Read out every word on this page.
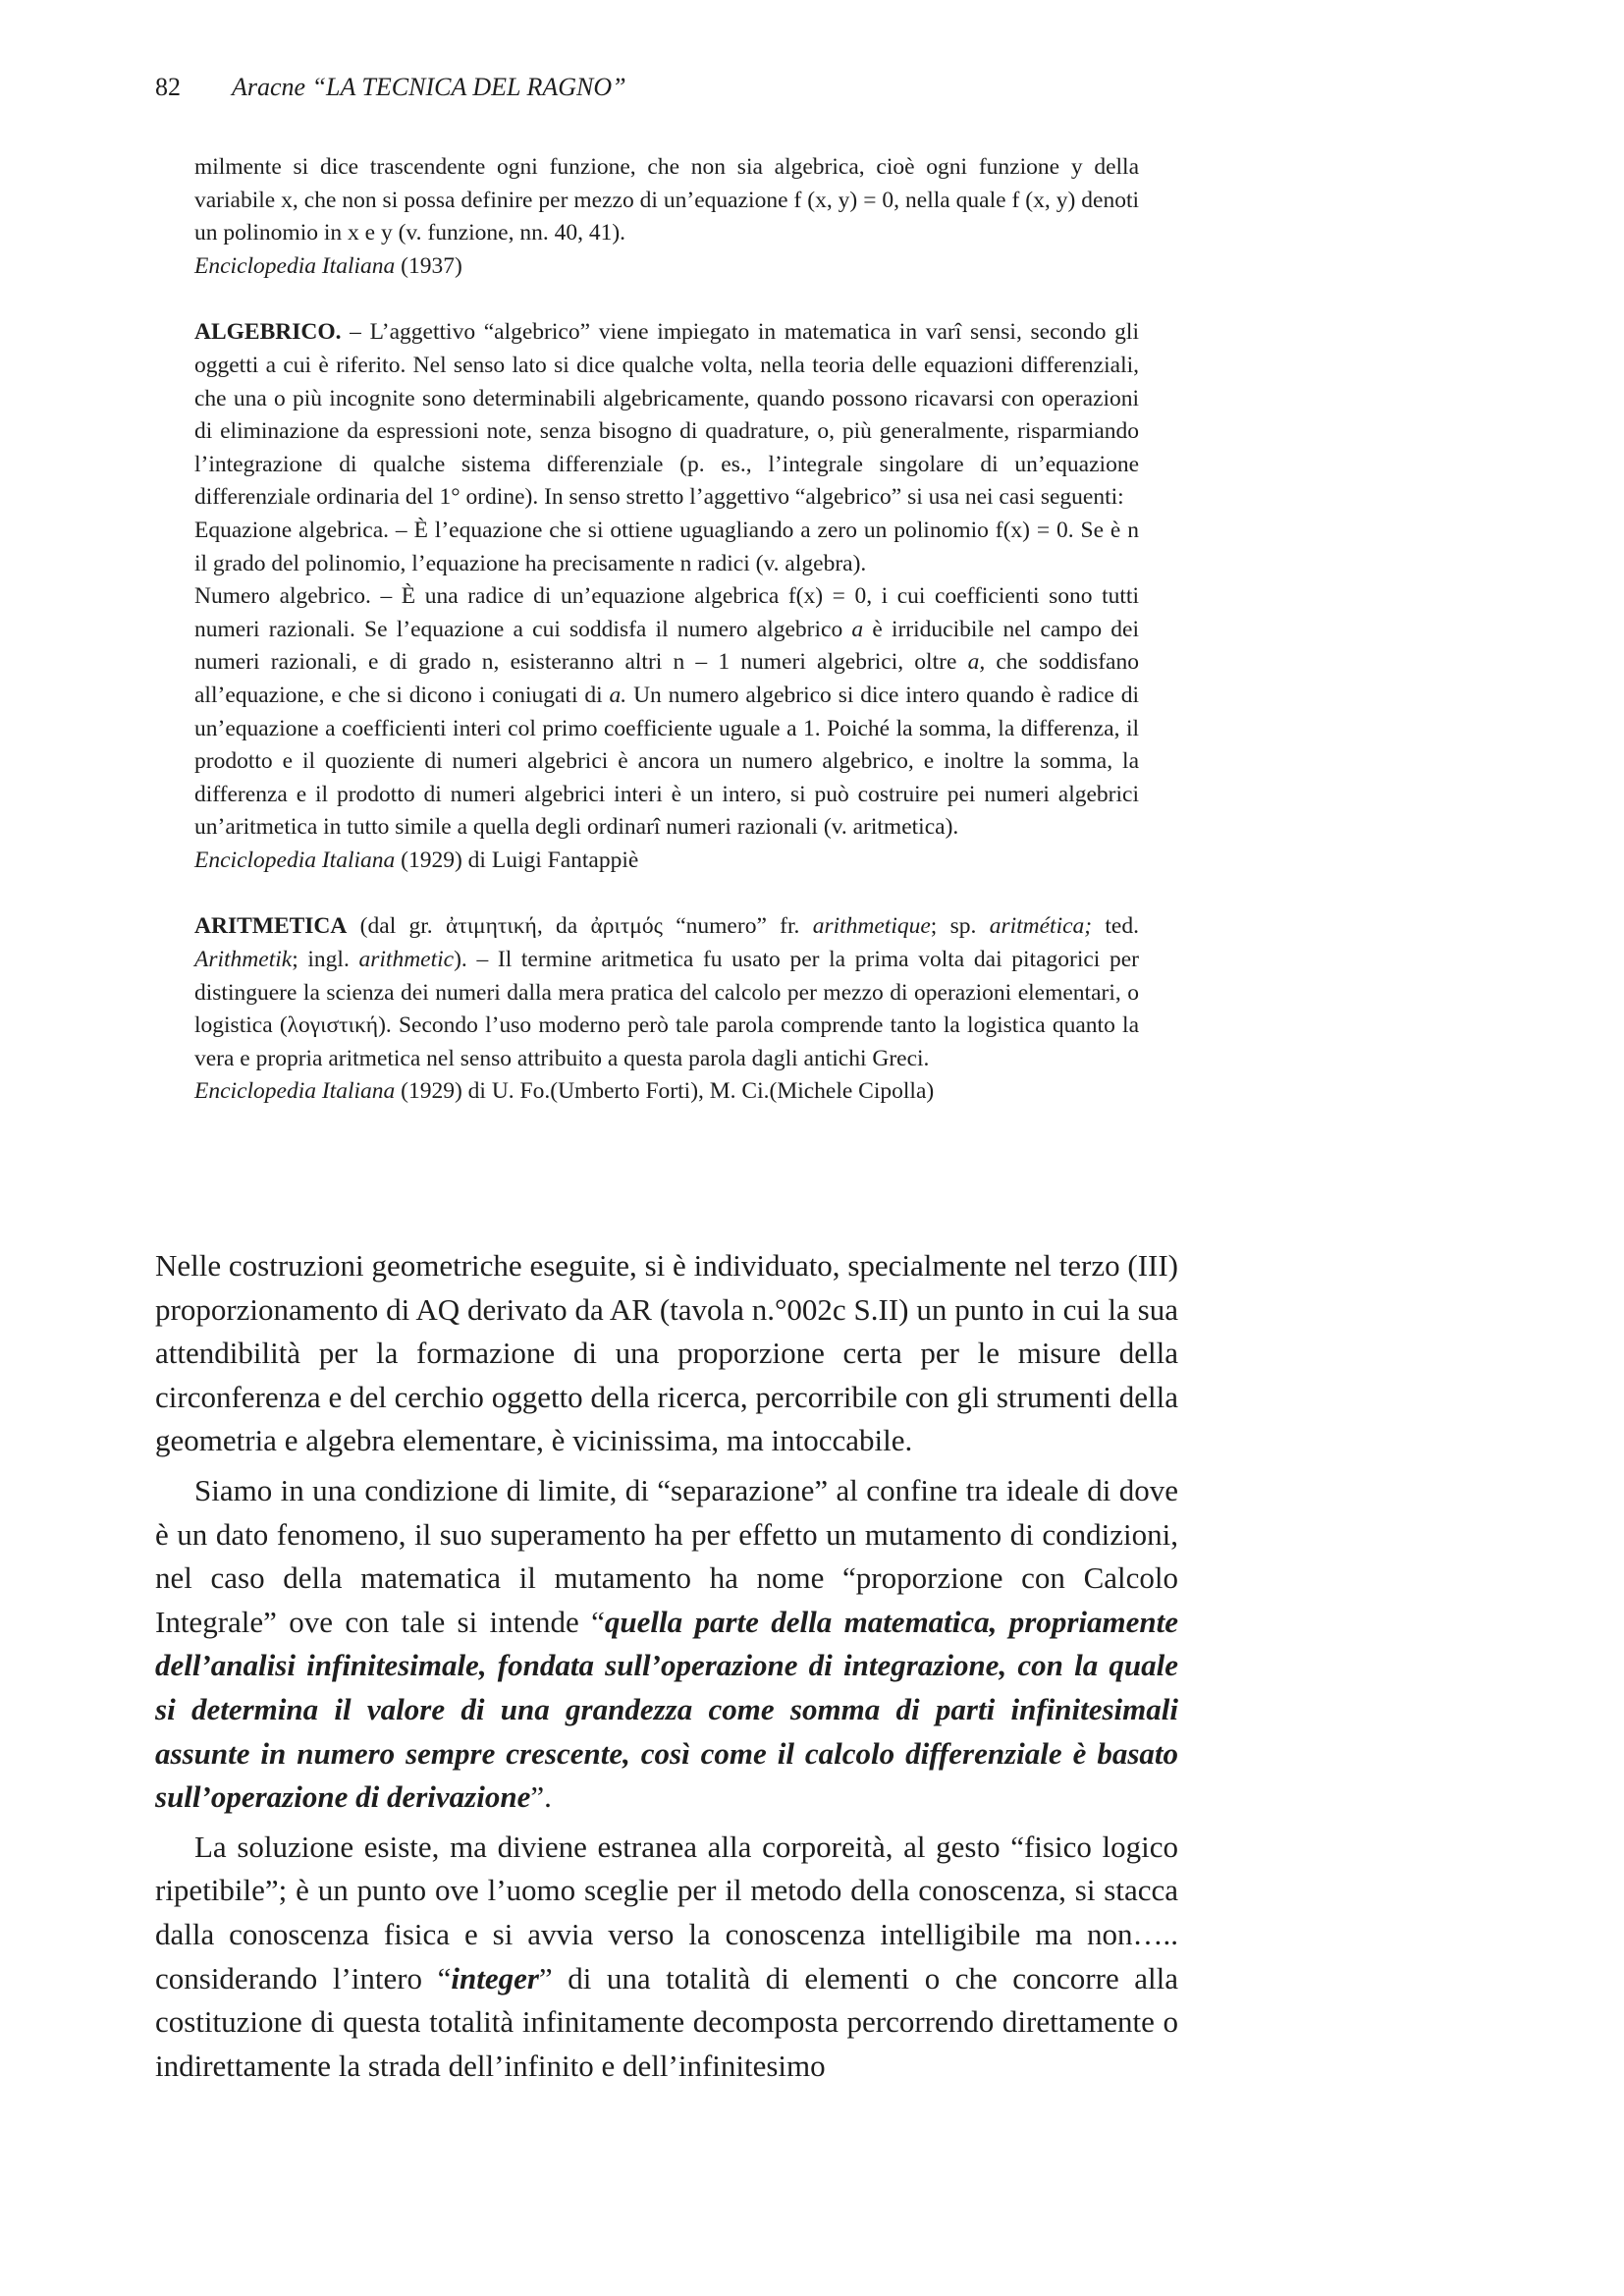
82 Aracne “LA TECNICA DEL RAGNO”

milmente si dice trascendente ogni funzione, che non sia algebrica, cioè ogni funzione y della variabile x, che non si possa definire per mezzo di un’equazione f (x, y) = 0, nella quale f (x, y) denoti un polinomio in x e y (v. funzione, nn. 40, 41).
Enciclopedia Italiana (1937)

ALGEBRICO. – L’aggettivo “algebrico” viene impiegato in matematica in varî sensi, secondo gli oggetti a cui è riferito. Nel senso lato si dice qualche volta, nella teoria delle equazioni differenziali, che una o più incognite sono determinabili algebricamente, quando possono ricavarsi con operazioni di eliminazione da espressioni note, senza bisogno di quadrature, o, più generalmente, risparmiando l’integrazione di qualche sistema differenziale (p. es., l’integrale singolare di un’equazione differenziale ordinaria del 1° ordine). In senso stretto l’aggettivo “algebrico” si usa nei casi seguenti:

Equazione algebrica. – È l’equazione che si ottiene uguagliando a zero un polinomio f(x) = 0. Se è n il grado del polinomio, l’equazione ha precisamente n radici (v. algebra).

Numero algebrico. – È una radice di un’equazione algebrica f(x) = 0, i cui coefficienti sono tutti numeri razionali. Se l’equazione a cui soddisfa il numero algebrico a è irriducibile nel campo dei numeri razionali, e di grado n, esisteranno altri n – 1 numeri algebrici, oltre a, che soddisfano all’equazione, e che si dicono i coniugati di a. Un numero algebrico si dice intero quando è radice di un’equazione a coefficienti interi col primo coefficiente uguale a 1. Poiché la somma, la differenza, il prodotto e il quoziente di numeri algebrici è ancora un numero algebrico, e inoltre la somma, la differenza e il prodotto di numeri algebrici interi è un intero, si può costruire pei numeri algebrici un’aritmetica in tutto simile a quella degli ordinarî numeri razionali (v. aritmetica).

Enciclopedia Italiana (1929) di Luigi Fantappiè

ARITMETICA (dal gr. ἀτιμητική, da ἀριτμός “numero” fr. arithmetique; sp. aritmética; ted. Arithmetik; ingl. arithmetic). – Il termine aritmetica fu usato per la prima volta dai pitagorici per distinguere la scienza dei numeri dalla mera pratica del calcolo per mezzo di operazioni elementari, o logistica (λογιστική). Secondo l’uso moderno però tale parola comprende tanto la logistica quanto la vera e propria aritmetica nel senso attribuito a questa parola dagli antichi Greci.

Enciclopedia Italiana (1929) di U. Fo.(Umberto Forti), M. Ci.(Michele Cipolla)

Nelle costruzioni geometriche eseguite, si è individuato, specialmente nel terzo (III) proporzionamento di AQ derivato da AR (tavola n.°002c S.II) un punto in cui la sua attendibilità per la formazione di una proporzione certa per le misure della circonferenza e del cerchio oggetto della ricerca, percorribile con gli strumenti della geometria e algebra elementare, è vicinissima, ma intoccabile.

Siamo in una condizione di limite, di “separazione” al confine tra ideale di dove è un dato fenomeno, il suo superamento ha per effetto un mutamento di condizioni, nel caso della matematica il mutamento ha nome “proporzione con Calcolo Integrale” ove con tale si intende “quella parte della matematica, propriamente dell’analisi infinitesimale, fondata sull’operazione di integrazione, con la quale si determina il valore di una grandezza come somma di parti infinitesimali assunte in numero sempre crescente, così come il calcolo differenziale è basato sull’operazione di derivazione”.

La soluzione esiste, ma diviene estranea alla corporeità, al gesto “fisico logico ripetibile”; è un punto ove l’uomo sceglie per il metodo della conoscenza, si stacca dalla conoscenza fisica e si avvia verso la conoscenza intelligibile ma non….. considerando l’intero “integer” di una totalità di elementi o che concorre alla costituzione di questa totalità infinitamente decomposta percorrendo direttamente o indirettamente la strada dell’infinito e dell’infinitesimo
